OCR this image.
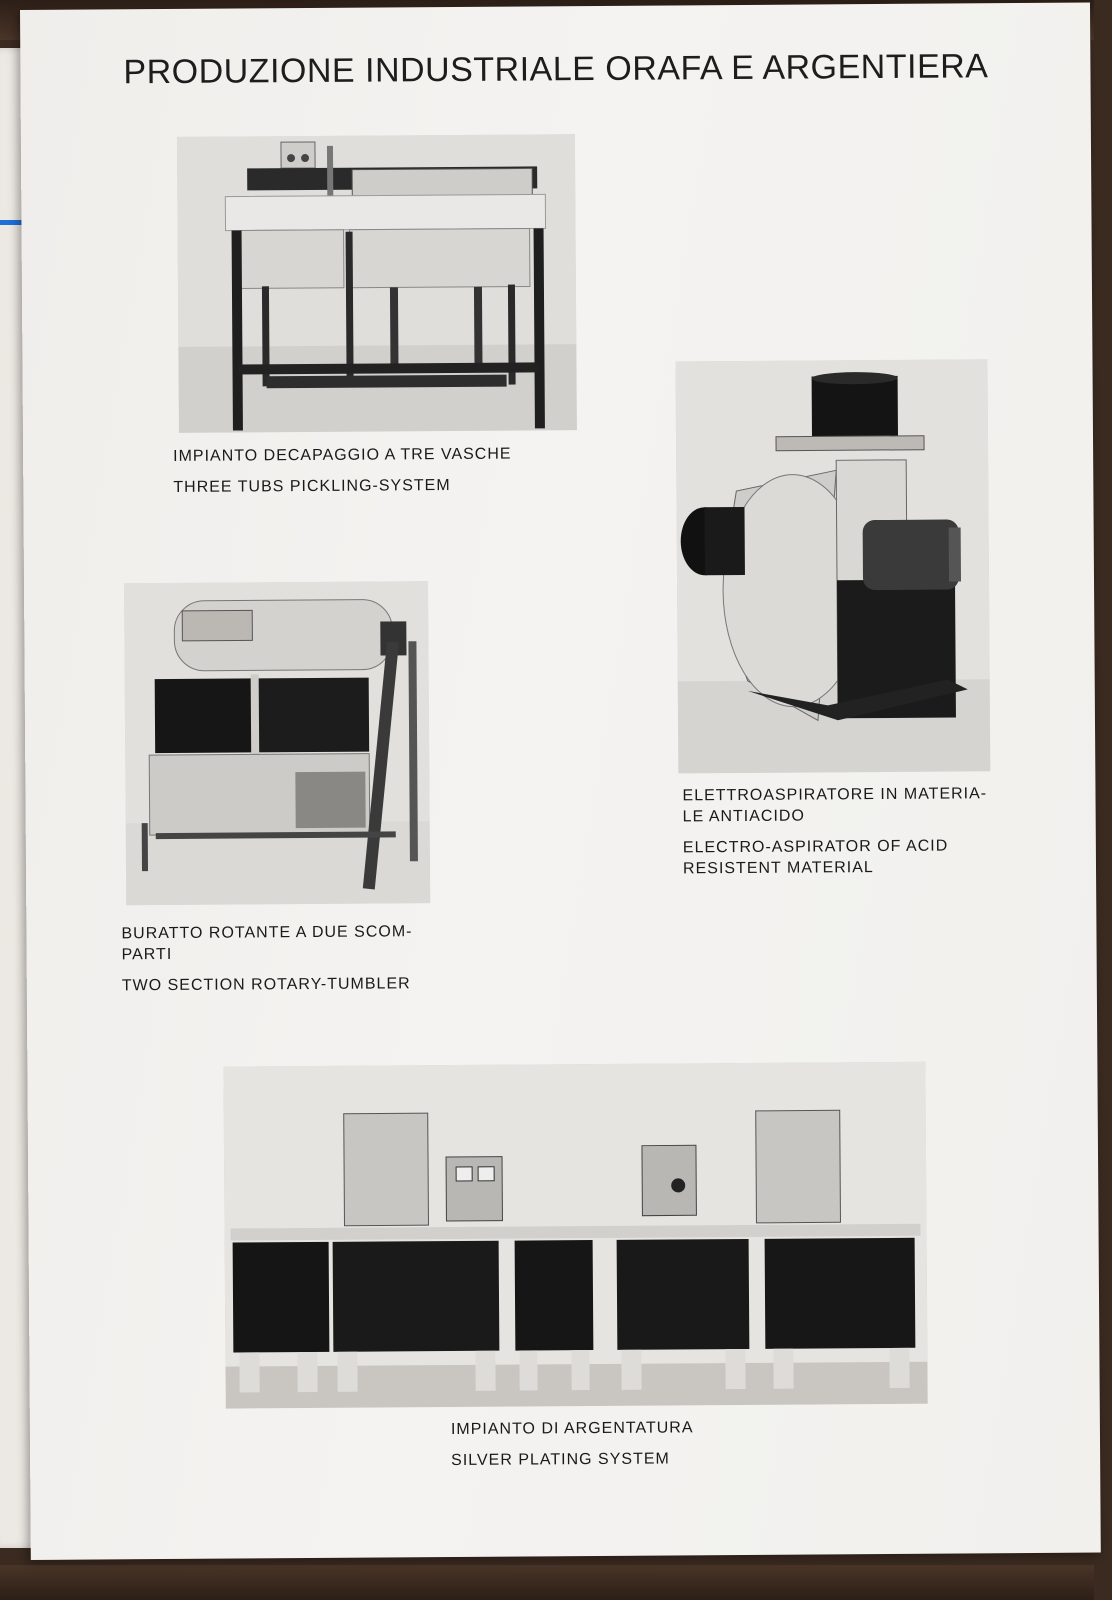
PRODUZIONE INDUSTRIALE ORAFA E ARGENTIERA
IMPIANTO DECAPAGGIO A TRE VASCHE
THREE TUBS PICKLING-SYSTEM
ELETTROASPIRATORE IN MATERIA-
LE ANTIACIDO
ELECTRO-ASPIRATOR OF ACID
RESISTENT MATERIAL
BURATTO ROTANTE A DUE SCOM-
PARTI
TWO SECTION ROTARY-TUMBLER
IMPIANTO DI ARGENTATURA
SILVER PLATING SYSTEM
